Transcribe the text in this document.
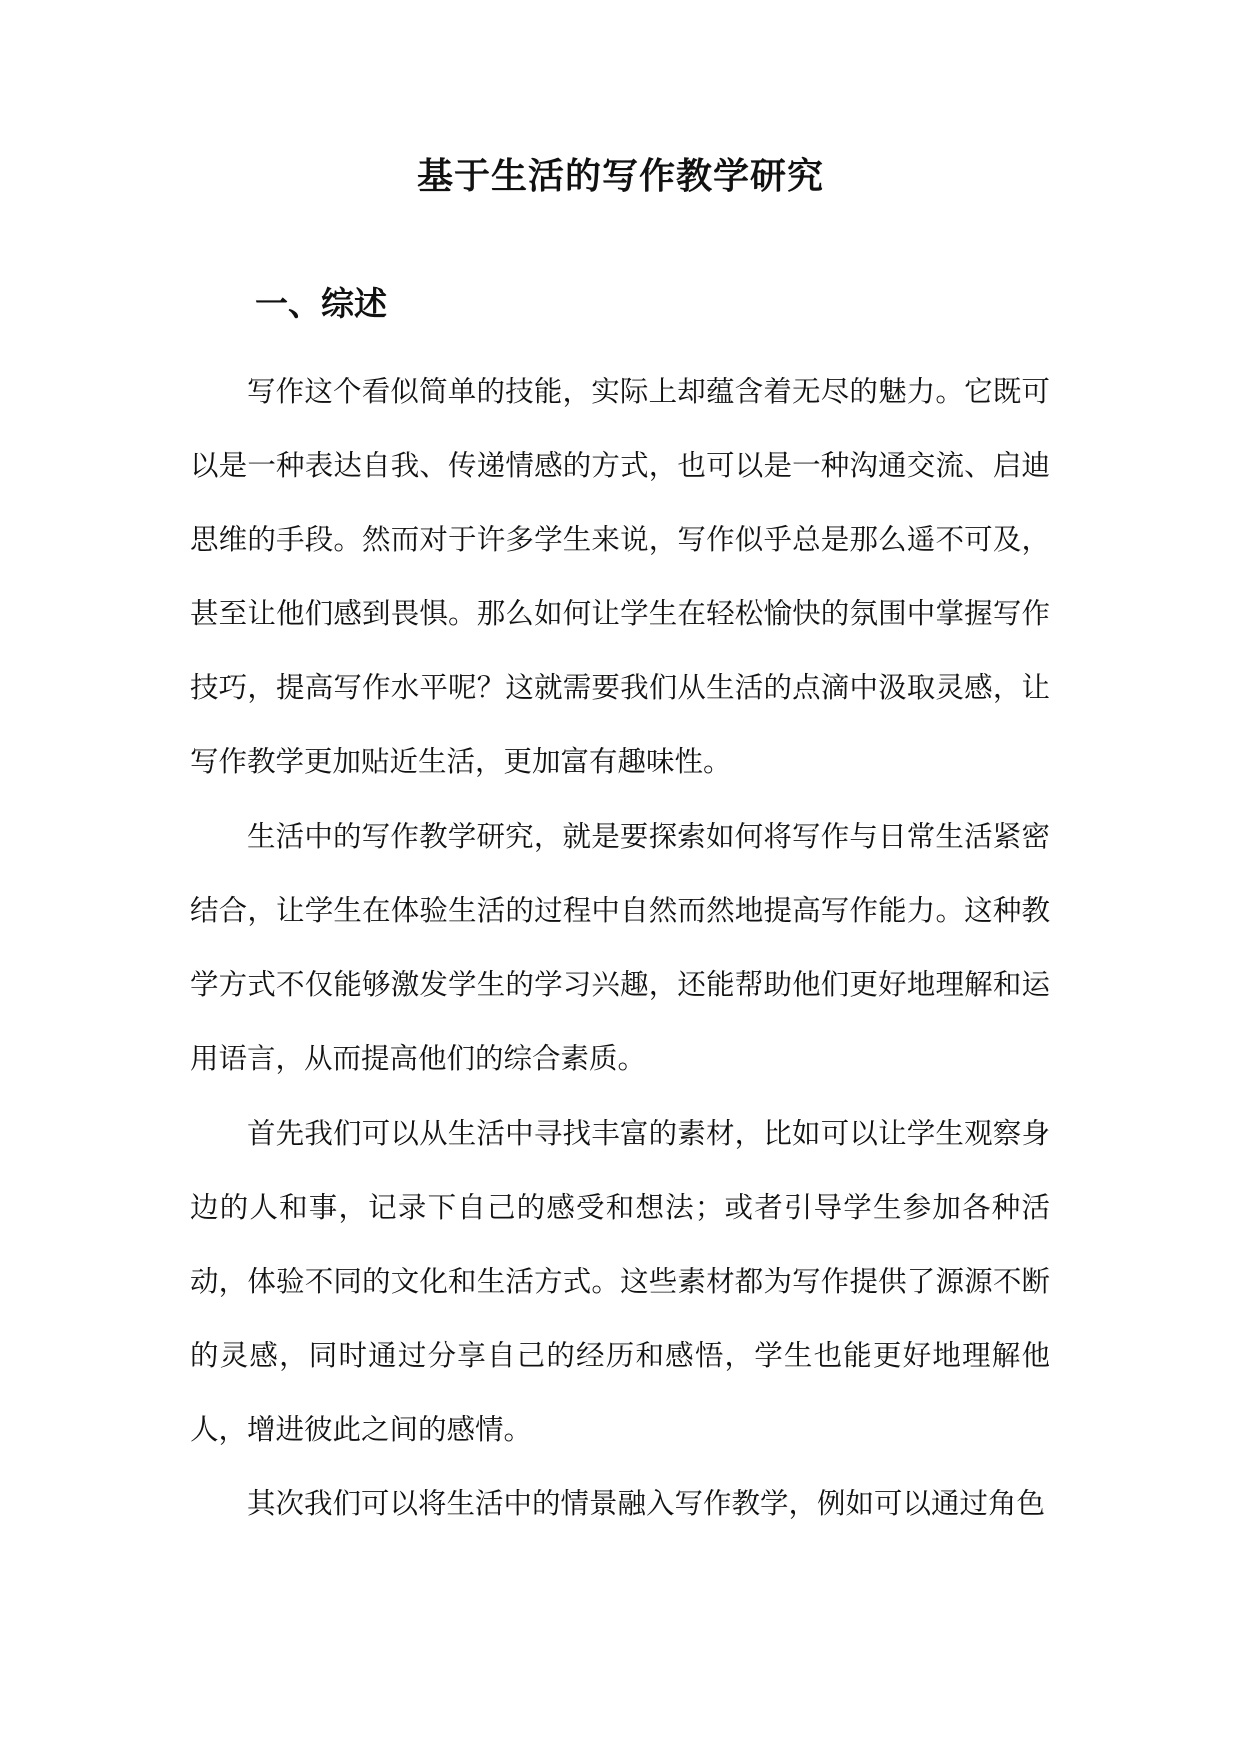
基于生活的写作教学研究
一、综述

写作这个看似简单的技能，实际上却蕴含着无尽的魅力。它既可以是一种表达自我、传递情感的方式，也可以是一种沟通交流、启迪思维的手段。然而对于许多学生来说，写作似乎总是那么遥不可及，甚至让他们感到畏惧。那么如何让学生在轻松愉快的氛围中掌握写作技巧，提高写作水平呢？这就需要我们从生活的点滴中汲取灵感，让写作教学更加贴近生活，更加富有趣味性。

生活中的写作教学研究，就是要探索如何将写作与日常生活紧密结合，让学生在体验生活的过程中自然而然地提高写作能力。这种教学方式不仅能够激发学生的学习兴趣，还能帮助他们更好地理解和运用语言，从而提高他们的综合素质。

首先我们可以从生活中寻找丰富的素材，比如可以让学生观察身边的人和事，记录下自己的感受和想法；或者引导学生参加各种活动，体验不同的文化和生活方式。这些素材都为写作提供了源源不断的灵感，同时通过分享自己的经历和感悟，学生也能更好地理解他人，增进彼此之间的感情。

其次我们可以将生活中的情景融入写作教学，例如可以通过角色
